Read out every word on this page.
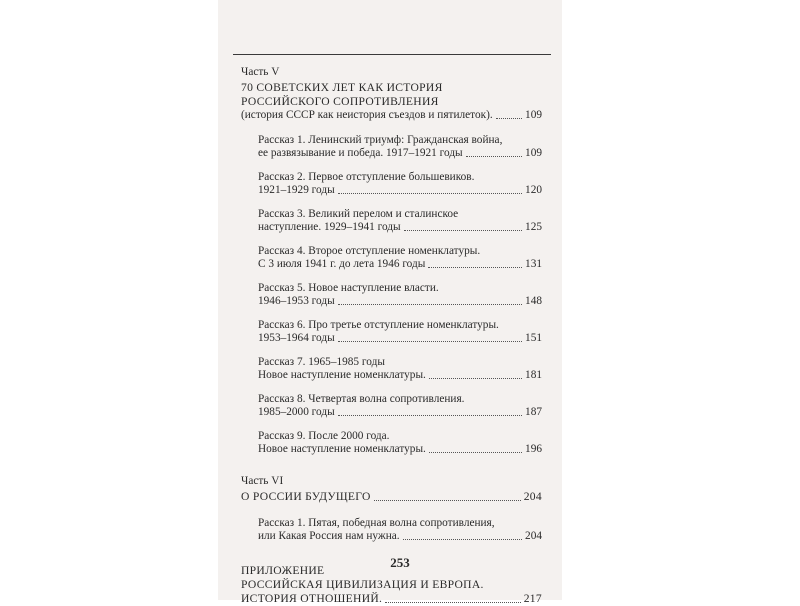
Часть V
70 СОВЕТСКИХ ЛЕТ КАК ИСТОРИЯ
РОССИЙСКОГО СОПРОТИВЛЕНИЯ
(история СССР как неистория съездов и пятилеток).	109
Рассказ 1. Ленинский триумф: Гражданская война,
ее развязывание и победа. 1917–1921 годы	109
Рассказ 2. Первое отступление большевиков.
1921–1929 годы	120
Рассказ 3. Великий перелом и сталинское
наступление. 1929–1941 годы	125
Рассказ 4. Второе отступление номенклатуры.
С 3 июля 1941 г. до лета 1946 годы	131
Рассказ 5. Новое наступление власти.
1946–1953 годы	148
Рассказ 6. Про третье отступление номенклатуры.
1953–1964 годы	151
Рассказ 7. 1965–1985 годы
Новое наступление номенклатуры.	181
Рассказ 8. Четвертая волна сопротивления.
1985–2000 годы	187
Рассказ 9. После 2000 года.
Новое наступление номенклатуры.	196
Часть VI
О РОССИИ БУДУЩЕГО	204
Рассказ 1. Пятая, победная волна сопротивления,
или Какая Россия нам нужна.	204
ПРИЛОЖЕНИЕ
РОССИЙСКАЯ ЦИВИЛИЗАЦИЯ И ЕВРОПА.
ИСТОРИЯ ОТНОШЕНИЙ.	217
253
